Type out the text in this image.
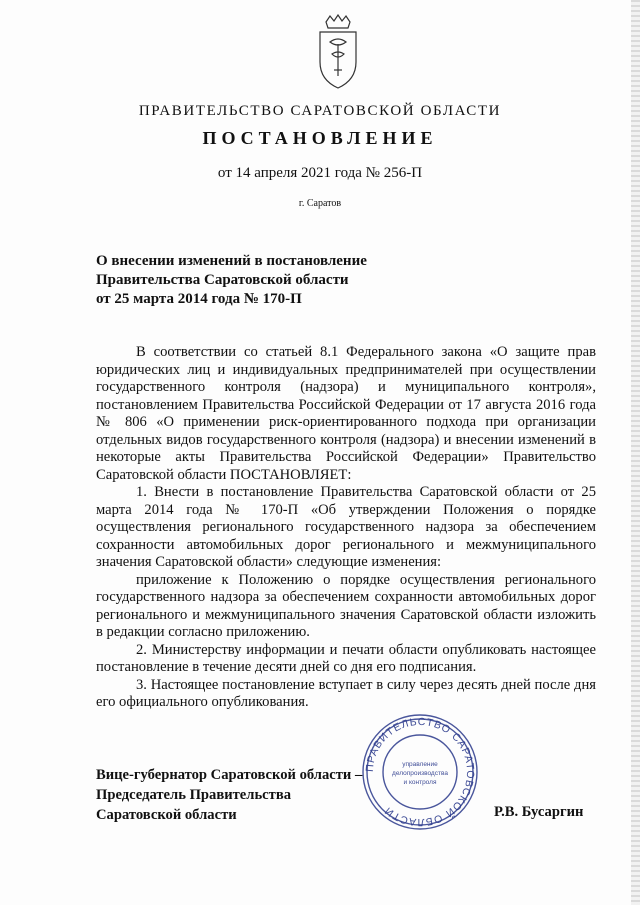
ПРАВИТЕЛЬСТВО САРАТОВСКОЙ ОБЛАСТИ
ПОСТАНОВЛЕНИЕ
от 14 апреля 2021 года № 256-П
г. Саратов
О внесении изменений в постановление
Правительства Саратовской области
от 25 марта 2014 года № 170-П

В соответствии со статьей 8.1 Федерального закона «О защите прав юридических лиц и индивидуальных предпринимателей при осуществлении государственного контроля (надзора) и муниципального контроля», постановлением Правительства Российской Федерации от 17 августа 2016 года № 806 «О применении риск-ориентированного подхода при организации отдельных видов государственного контроля (надзора) и внесении изменений в некоторые акты Правительства Российской Федерации» Правительство Саратовской области ПОСТАНОВЛЯЕТ:

1. Внести в постановление Правительства Саратовской области от 25 марта 2014 года № 170-П «Об утверждении Положения о порядке осуществления регионального государственного надзора за обеспечением сохранности автомобильных дорог регионального и межмуниципального значения Саратовской области» следующие изменения:

приложение к Положению о порядке осуществления регионального государственного надзора за обеспечением сохранности автомобильных дорог регионального и межмуниципального значения Саратовской области изложить в редакции согласно приложению.

2. Министерству информации и печати области опубликовать настоящее постановление в течение десяти дней со дня его подписания.

3. Настоящее постановление вступает в силу через десять дней после дня его официального опубликования.

ПРАВИТЕЛЬСТВО САРАТОВСКОЙ ОБЛАСТИ
управление
делопроизводства
и контроля
Вице-губернатор Саратовской области –
Председатель Правительства
Саратовской области	Р.В. Бусаргин
